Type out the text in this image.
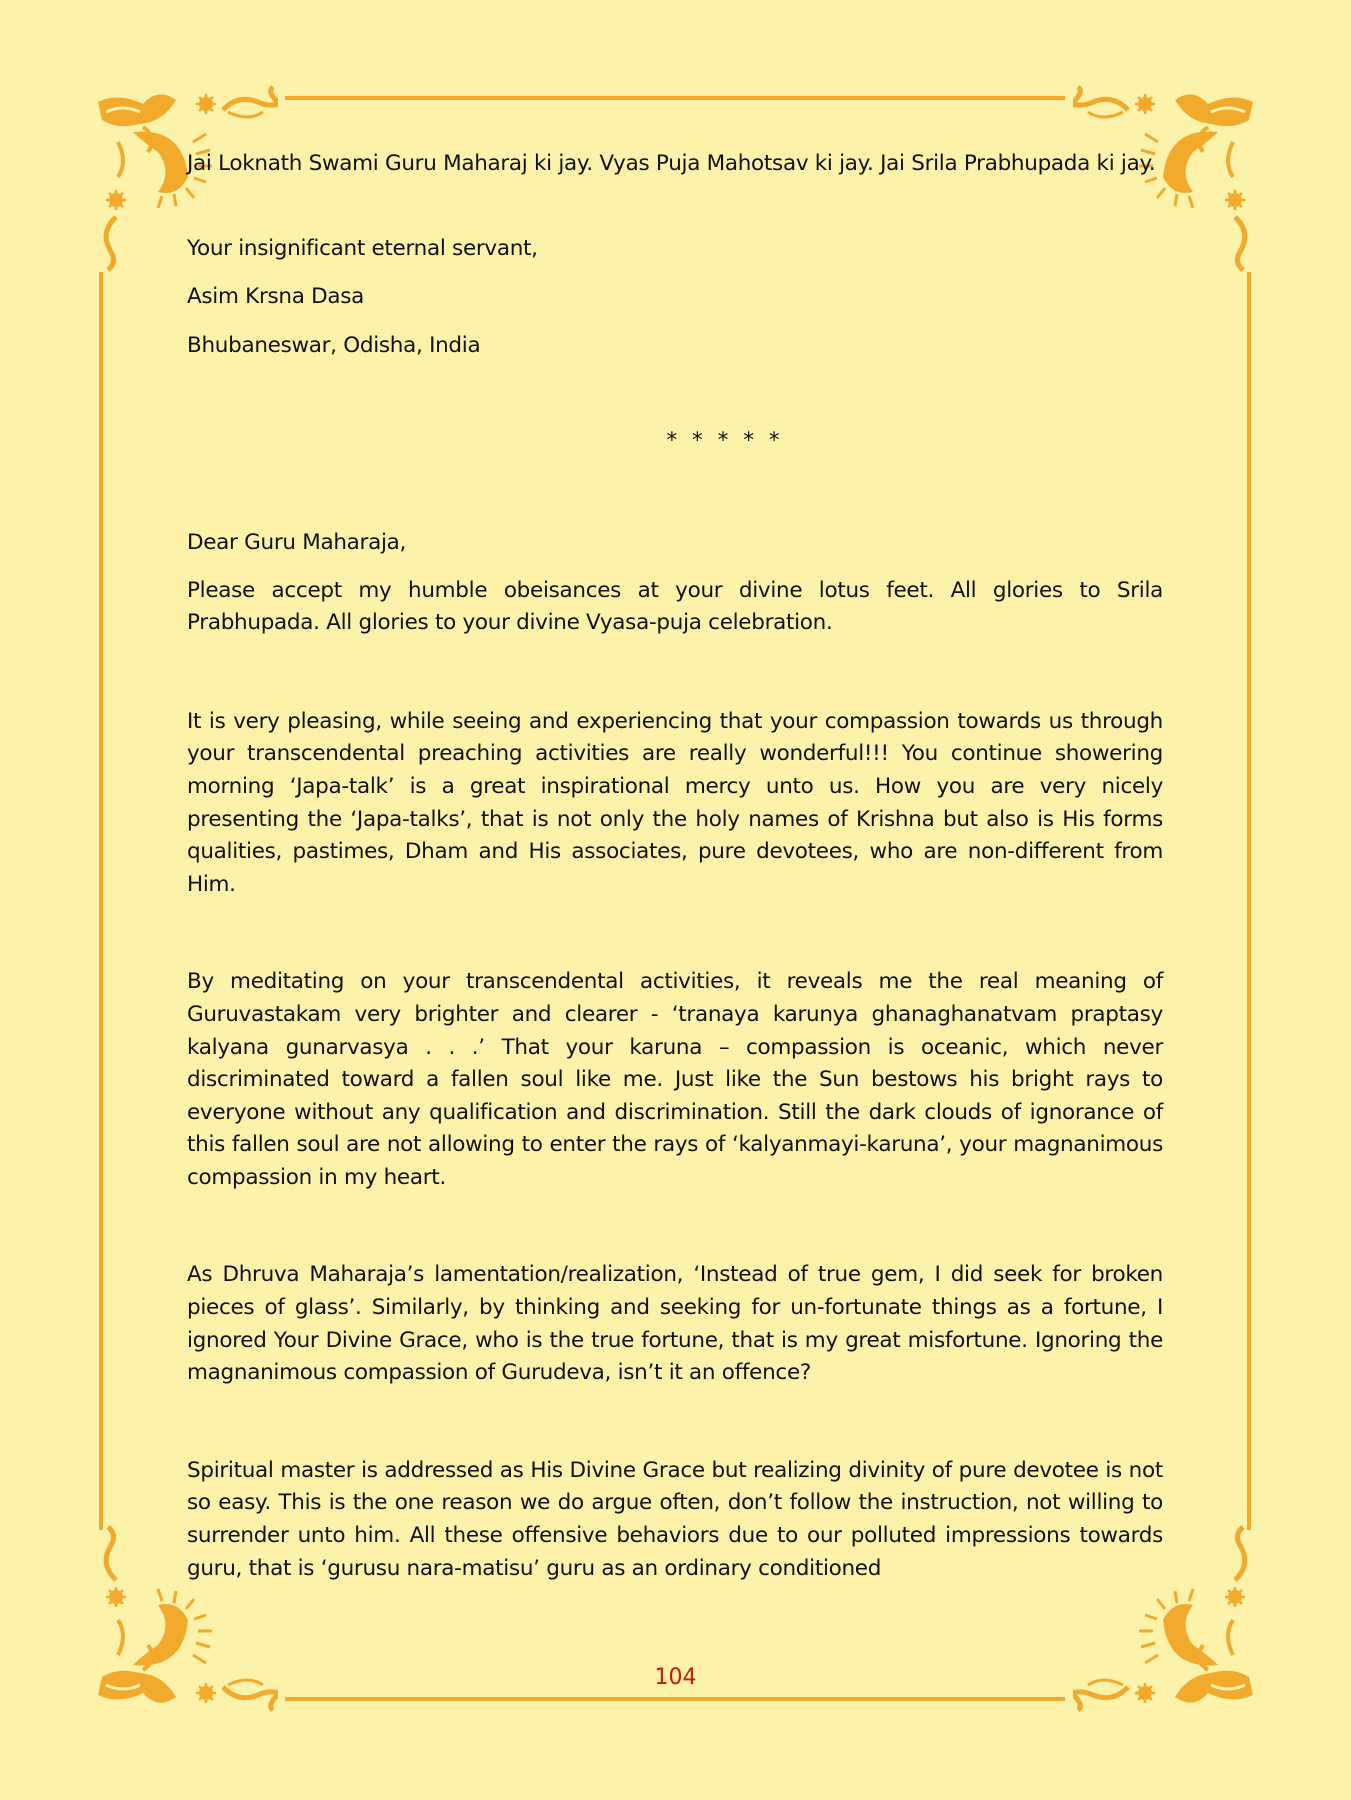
Jai Loknath Swami Guru Maharaj ki jay. Vyas Puja Mahotsav ki jay. Jai Srila Prabhupada ki jay.

Your insignificant eternal servant,

Asim Krsna Dasa

Bhubaneswar, Odisha, India

* * * * *

Dear Guru Maharaja,

Please accept my humble obeisances at your divine lotus feet. All glories to Srila Prabhupada. All glories to your divine Vyasa-puja celebration.

It is very pleasing, while seeing and experiencing that your compassion towards us through your transcendental preaching activities are really wonderful!!! You continue showering morning ‘Japa-talk’ is a great inspirational mercy unto us. How you are very nicely presenting the ‘Japa-talks’, that is not only the holy names of Krishna but also is His forms qualities, pastimes, Dham and His associates, pure devotees, who are non-different from Him.

By meditating on your transcendental activities, it reveals me the real meaning of Guruvastakam very brighter and clearer - ‘tranaya karunya ghanaghanatvam praptasy kalyana gunarvasya . . .’ That your karuna – compassion is oceanic, which never discriminated toward a fallen soul like me. Just like the Sun bestows his bright rays to everyone without any qualification and discrimination. Still the dark clouds of ignorance of this fallen soul are not allowing to enter the rays of ‘kalyanmayi-karuna’, your magnanimous compassion in my heart.

As Dhruva Maharaja’s lamentation/realization, ‘Instead of true gem, I did seek for broken pieces of glass’. Similarly, by thinking and seeking for un-fortunate things as a fortune, I ignored Your Divine Grace, who is the true fortune, that is my great misfortune. Ignoring the magnanimous compassion of Gurudeva, isn’t it an offence?

Spiritual master is addressed as His Divine Grace but realizing divinity of pure devotee is not so easy. This is the one reason we do argue often, don’t follow the instruction, not willing to surrender unto him. All these offensive behaviors due to our polluted impressions towards guru, that is ‘gurusu nara-matisu’ guru as an ordinary conditioned

104
